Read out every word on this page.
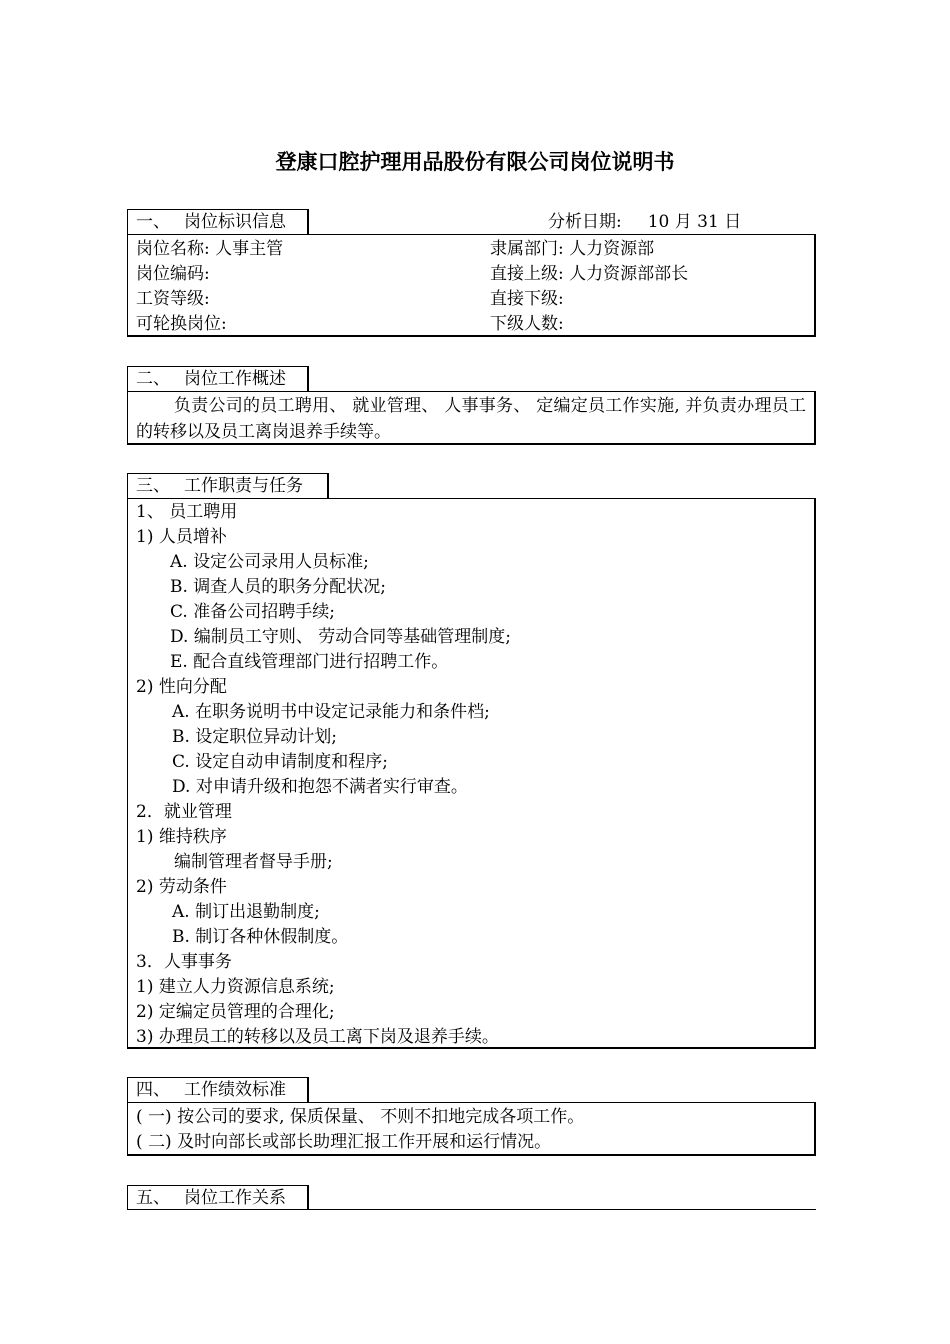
登康口腔护理用品股份有限公司岗位说明书
一、 岗位标识信息	分析日期: 10 月 31 日
岗位名称: 人事主管
岗位编码:
工资等级:
可轮换岗位:
隶属部门: 人力资源部
直接上级: 人力资源部部长
直接下级:
下级人数:
二、 岗位工作概述
负责公司的员工聘用、 就业管理、 人事事务、 定编定员工作实施, 并负责办理员工的转移以及员工离岗退养手续等。
三、 工作职责与任务
1、 员工聘用
1) 人员增补
A. 设定公司录用人员标准;
B. 调查人员的职务分配状况;
C. 准备公司招聘手续;
D. 编制员工守则、 劳动合同等基础管理制度;
E. 配合直线管理部门进行招聘工作。
2) 性向分配
A. 在职务说明书中设定记录能力和条件档;
B. 设定职位异动计划;
C. 设定自动申请制度和程序;
D. 对申请升级和抱怨不满者实行审查。
2．就业管理
1) 维持秩序
编制管理者督导手册;
2) 劳动条件
A. 制订出退勤制度;
B. 制订各种休假制度。
3．人事事务
1) 建立人力资源信息系统;
2) 定编定员管理的合理化;
3) 办理员工的转移以及员工离下岗及退养手续。
四、 工作绩效标准
( 一) 按公司的要求, 保质保量、 不则不扣地完成各项工作。
( 二) 及时向部长或部长助理汇报工作开展和运行情况。
五、 岗位工作关系
